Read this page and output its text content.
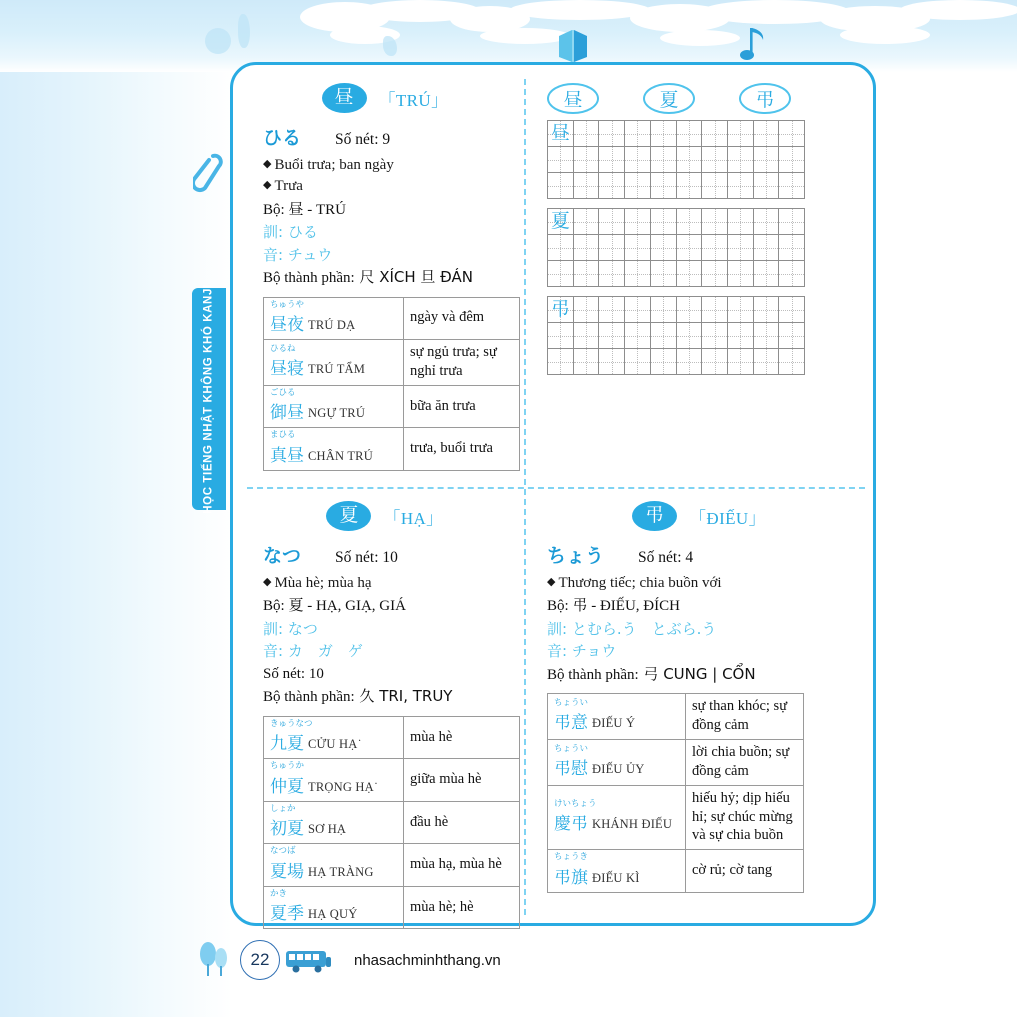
HỌC TIẾNG NHẬT KHÔNG KHÓ KANJI
昼	「TRÚ」
ひる Số nét: 9
◆ Buổi trưa; ban ngày
◆ Trưa
Bộ: 昼 - TRÚ
訓: ひる
音: チュウ
Bộ thành phần: 尺 XÍCH 旦 ĐÁN
ちゅうや
昼夜 TRÚ DẠ	ngày và đêm

ひるね
昼寝 TRÚ TẨM	sự ngủ trưa; sự nghỉ trưa

ごひる
御昼 NGỰ TRÚ	bữa ăn trưa

まひる
真昼 CHÂN TRÚ	trưa, buổi trưa
昼	夏	弔
昼
夏
弔
夏	「HẠ」
なつ Số nét: 10
◆ Mùa hè; mùa hạ
Bộ: 夏 - HẠ, GIẠ, GIÁ
訓: なつ
音: カ　ガ　ゲ
Số nét: 10
Bộ thành phần: 久 TRI, TRUY
きゅうなつ
九夏 CỬU HẠ˙	mùa hè

ちゅうか
仲夏 TRỌNG HẠ˙	giữa mùa hè

しょか
初夏 SƠ HẠ	đầu hè

なつば
夏場 HẠ TRÀNG	mùa hạ, mùa hè

かき
夏季 HẠ QUÝ	mùa hè; hè
弔	「ĐIẾU」
ちょう Số nét: 4
◆ Thương tiếc; chia buồn với
Bộ: 弔 - ĐIẾU, ĐÍCH
訓: とむら.う　とぶら.う
音: チョウ
Bộ thành phần: 弓 CUNG | CỔN
ちょうい
弔意 ĐIẾU Ý	sự than khóc; sự đồng cảm

ちょうい
弔慰 ĐIẾU ỦY	lời chia buồn; sự đồng cảm

けいちょう
慶弔 KHÁNH ĐIẾU	hiếu hỷ; dịp hiếu hỉ; sự chúc mừng và sự chia buồn

ちょうき
弔旗 ĐIẾU KÌ	cờ rủ; cờ tang
22	nhasachminhthang.vn
